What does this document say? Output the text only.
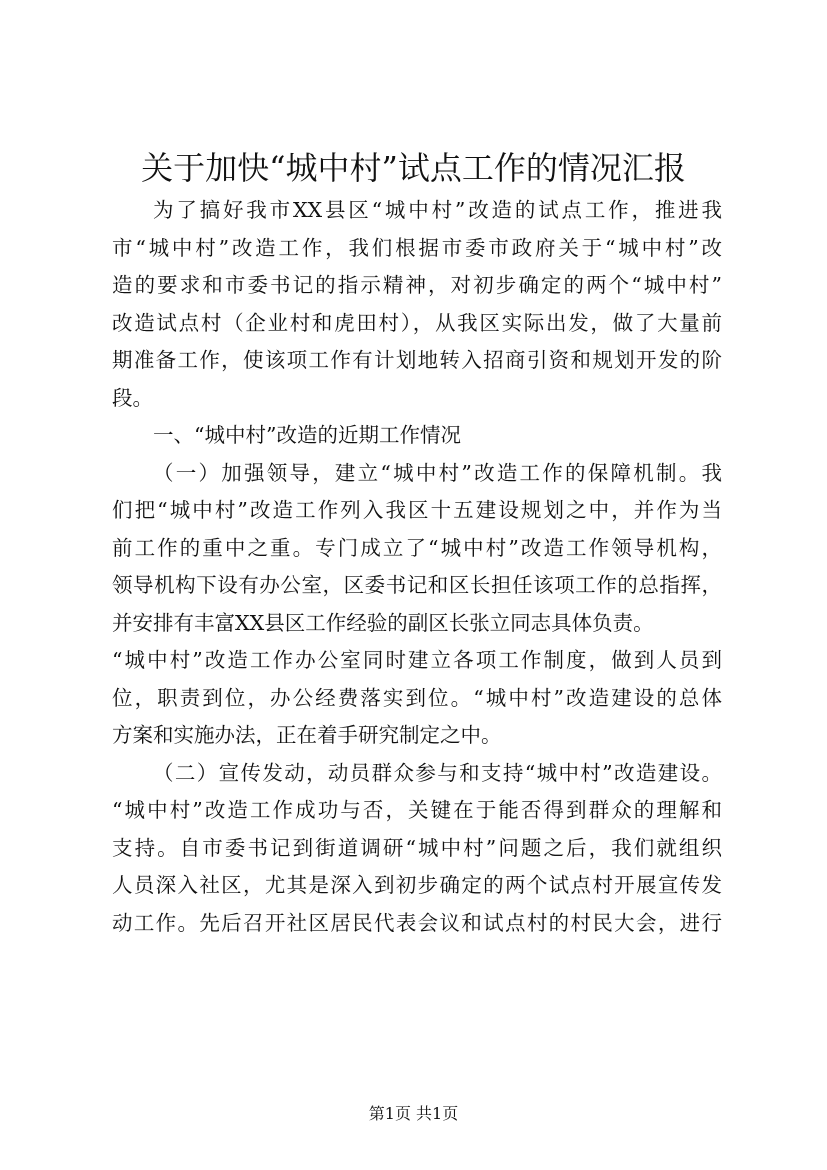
关于加快“城中村”试点工作的情况汇报
为了搞好我市XX县区“城中村”改造的试点工作，推进我
市“城中村”改造工作，我们根据市委市政府关于“城中村”改
造的要求和市委书记的指示精神，对初步确定的两个“城中村”
改造试点村（企业村和虎田村），从我区实际出发，做了大量前
期准备工作，使该项工作有计划地转入招商引资和规划开发的阶
段。
一、“城中村”改造的近期工作情况
（一）加强领导，建立“城中村”改造工作的保障机制。我
们把“城中村”改造工作列入我区十五建设规划之中，并作为当
前工作的重中之重。专门成立了“城中村”改造工作领导机构，
领导机构下设有办公室，区委书记和区长担任该项工作的总指挥，
并安排有丰富XX县区工作经验的副区长张立同志具体负责。
“城中村”改造工作办公室同时建立各项工作制度，做到人员到
位，职责到位，办公经费落实到位。“城中村”改造建设的总体
方案和实施办法，正在着手研究制定之中。
（二）宣传发动，动员群众参与和支持“城中村”改造建设。
“城中村”改造工作成功与否，关键在于能否得到群众的理解和
支持。自市委书记到街道调研“城中村”问题之后，我们就组织
人员深入社区，尤其是深入到初步确定的两个试点村开展宣传发
动工作。先后召开社区居民代表会议和试点村的村民大会，进行
第1页 共1页
